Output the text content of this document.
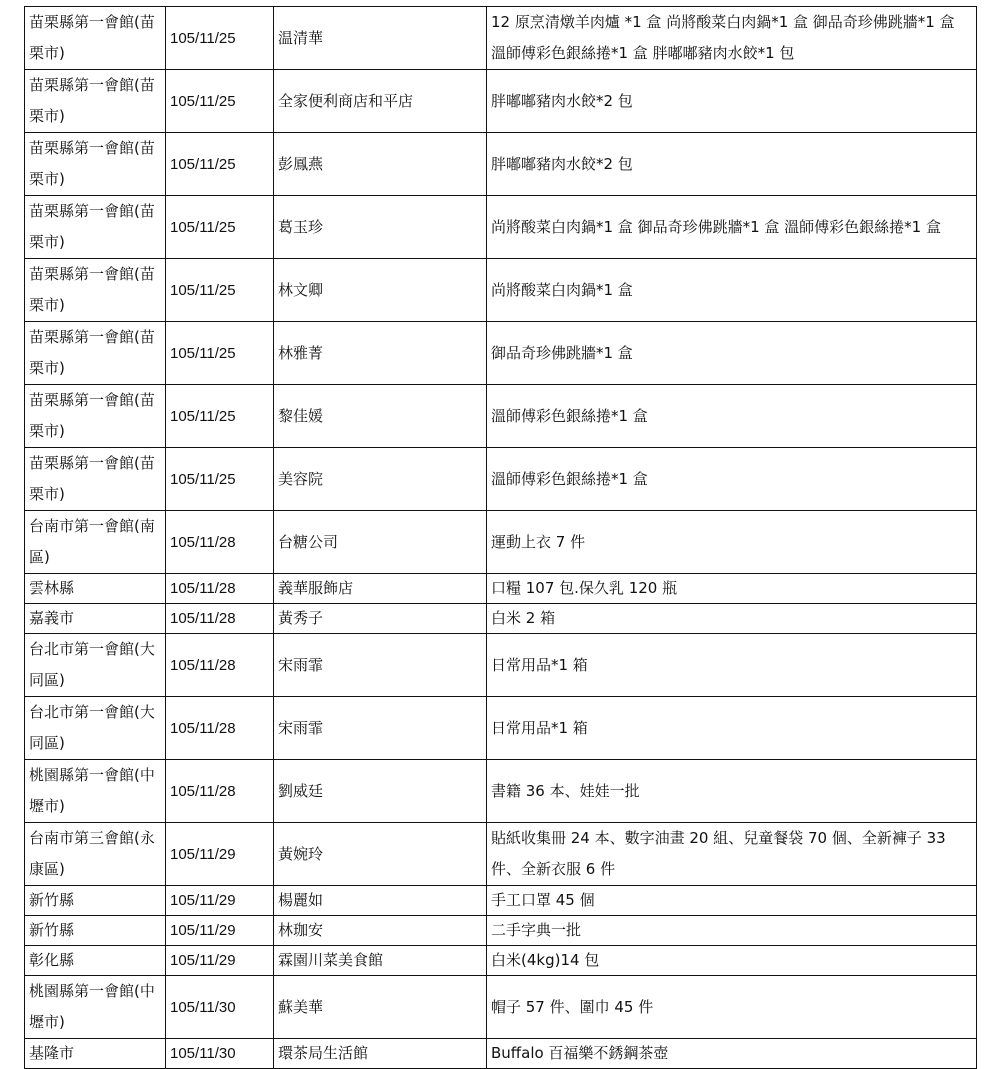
苗栗縣第一會館(苗栗市)	105/11/25	温清華	12 原烹清燉羊肉爐 *1 盒 尚將酸菜白肉鍋*1 盒 御品奇珍佛跳牆*1 盒 溫師傅彩色銀絲捲*1 盒 胖嘟嘟豬肉水餃*1 包
苗栗縣第一會館(苗栗市)	105/11/25	全家便利商店和平店	胖嘟嘟豬肉水餃*2 包
苗栗縣第一會館(苗栗市)	105/11/25	彭鳳燕	胖嘟嘟豬肉水餃*2 包
苗栗縣第一會館(苗栗市)	105/11/25	葛玉珍	尚將酸菜白肉鍋*1 盒 御品奇珍佛跳牆*1 盒 溫師傅彩色銀絲捲*1 盒
苗栗縣第一會館(苗栗市)	105/11/25	林文卿	尚將酸菜白肉鍋*1 盒
苗栗縣第一會館(苗栗市)	105/11/25	林雅菁	御品奇珍佛跳牆*1 盒
苗栗縣第一會館(苗栗市)	105/11/25	黎佳媛	溫師傅彩色銀絲捲*1 盒
苗栗縣第一會館(苗栗市)	105/11/25	美容院	溫師傅彩色銀絲捲*1 盒
台南市第一會館(南區)	105/11/28	台糖公司	運動上衣 7 件
雲林縣	105/11/28	義華服飾店	口糧 107 包.保久乳 120 瓶
嘉義市	105/11/28	黃秀子	白米 2 箱
台北市第一會館(大同區)	105/11/28	宋雨霏	日常用品*1 箱
台北市第一會館(大同區)	105/11/28	宋雨霏	日常用品*1 箱
桃園縣第一會館(中壢市)	105/11/28	劉威廷	書籍 36 本、娃娃一批
台南市第三會館(永康區)	105/11/29	黃婉玲	貼紙收集冊 24 本、數字油畫 20 組、兒童餐袋 70 個、全新褲子 33 件、全新衣服 6 件
新竹縣	105/11/29	楊麗如	手工口罩 45 個
新竹縣	105/11/29	林珈安	二手字典一批
彰化縣	105/11/29	霖園川菜美食館	白米(4kg)14 包
桃園縣第一會館(中壢市)	105/11/30	蘇美華	帽子 57 件、圍巾 45 件
基隆市	105/11/30	環茶局生活館	Buffalo 百福樂不銹鋼茶壺
